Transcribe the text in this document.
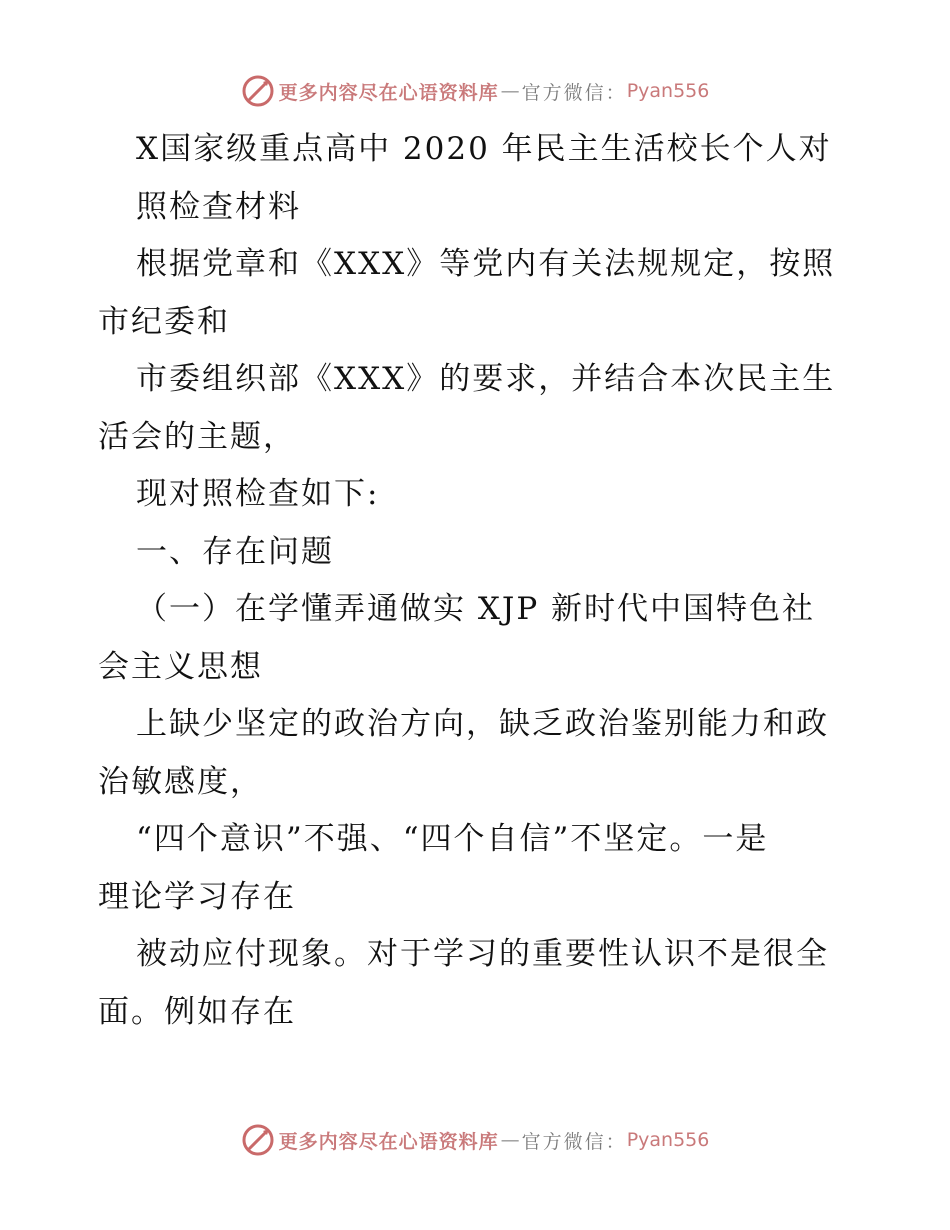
更多内容尽在心语资料库 — 官方微信： Pyan556
X国家级重点高中 2020 年民主生活校长个人对
照检查材料
根据党章和《XXX》等党内有关法规规定，按照
市纪委和
市委组织部《XXX》的要求，并结合本次民主生
活会的主题，
现对照检查如下:
一、存在问题
（一）在学懂弄通做实 XJP 新时代中国特色社
会主义思想
上缺少坚定的政治方向，缺乏政治鉴别能力和政
治敏感度，
“四个意识”不强、“四个自信”不坚定。一是
理论学习存在
被动应付现象。对于学习的重要性认识不是很全
面。例如存在
更多内容尽在心语资料库 — 官方微信： Pyan556
